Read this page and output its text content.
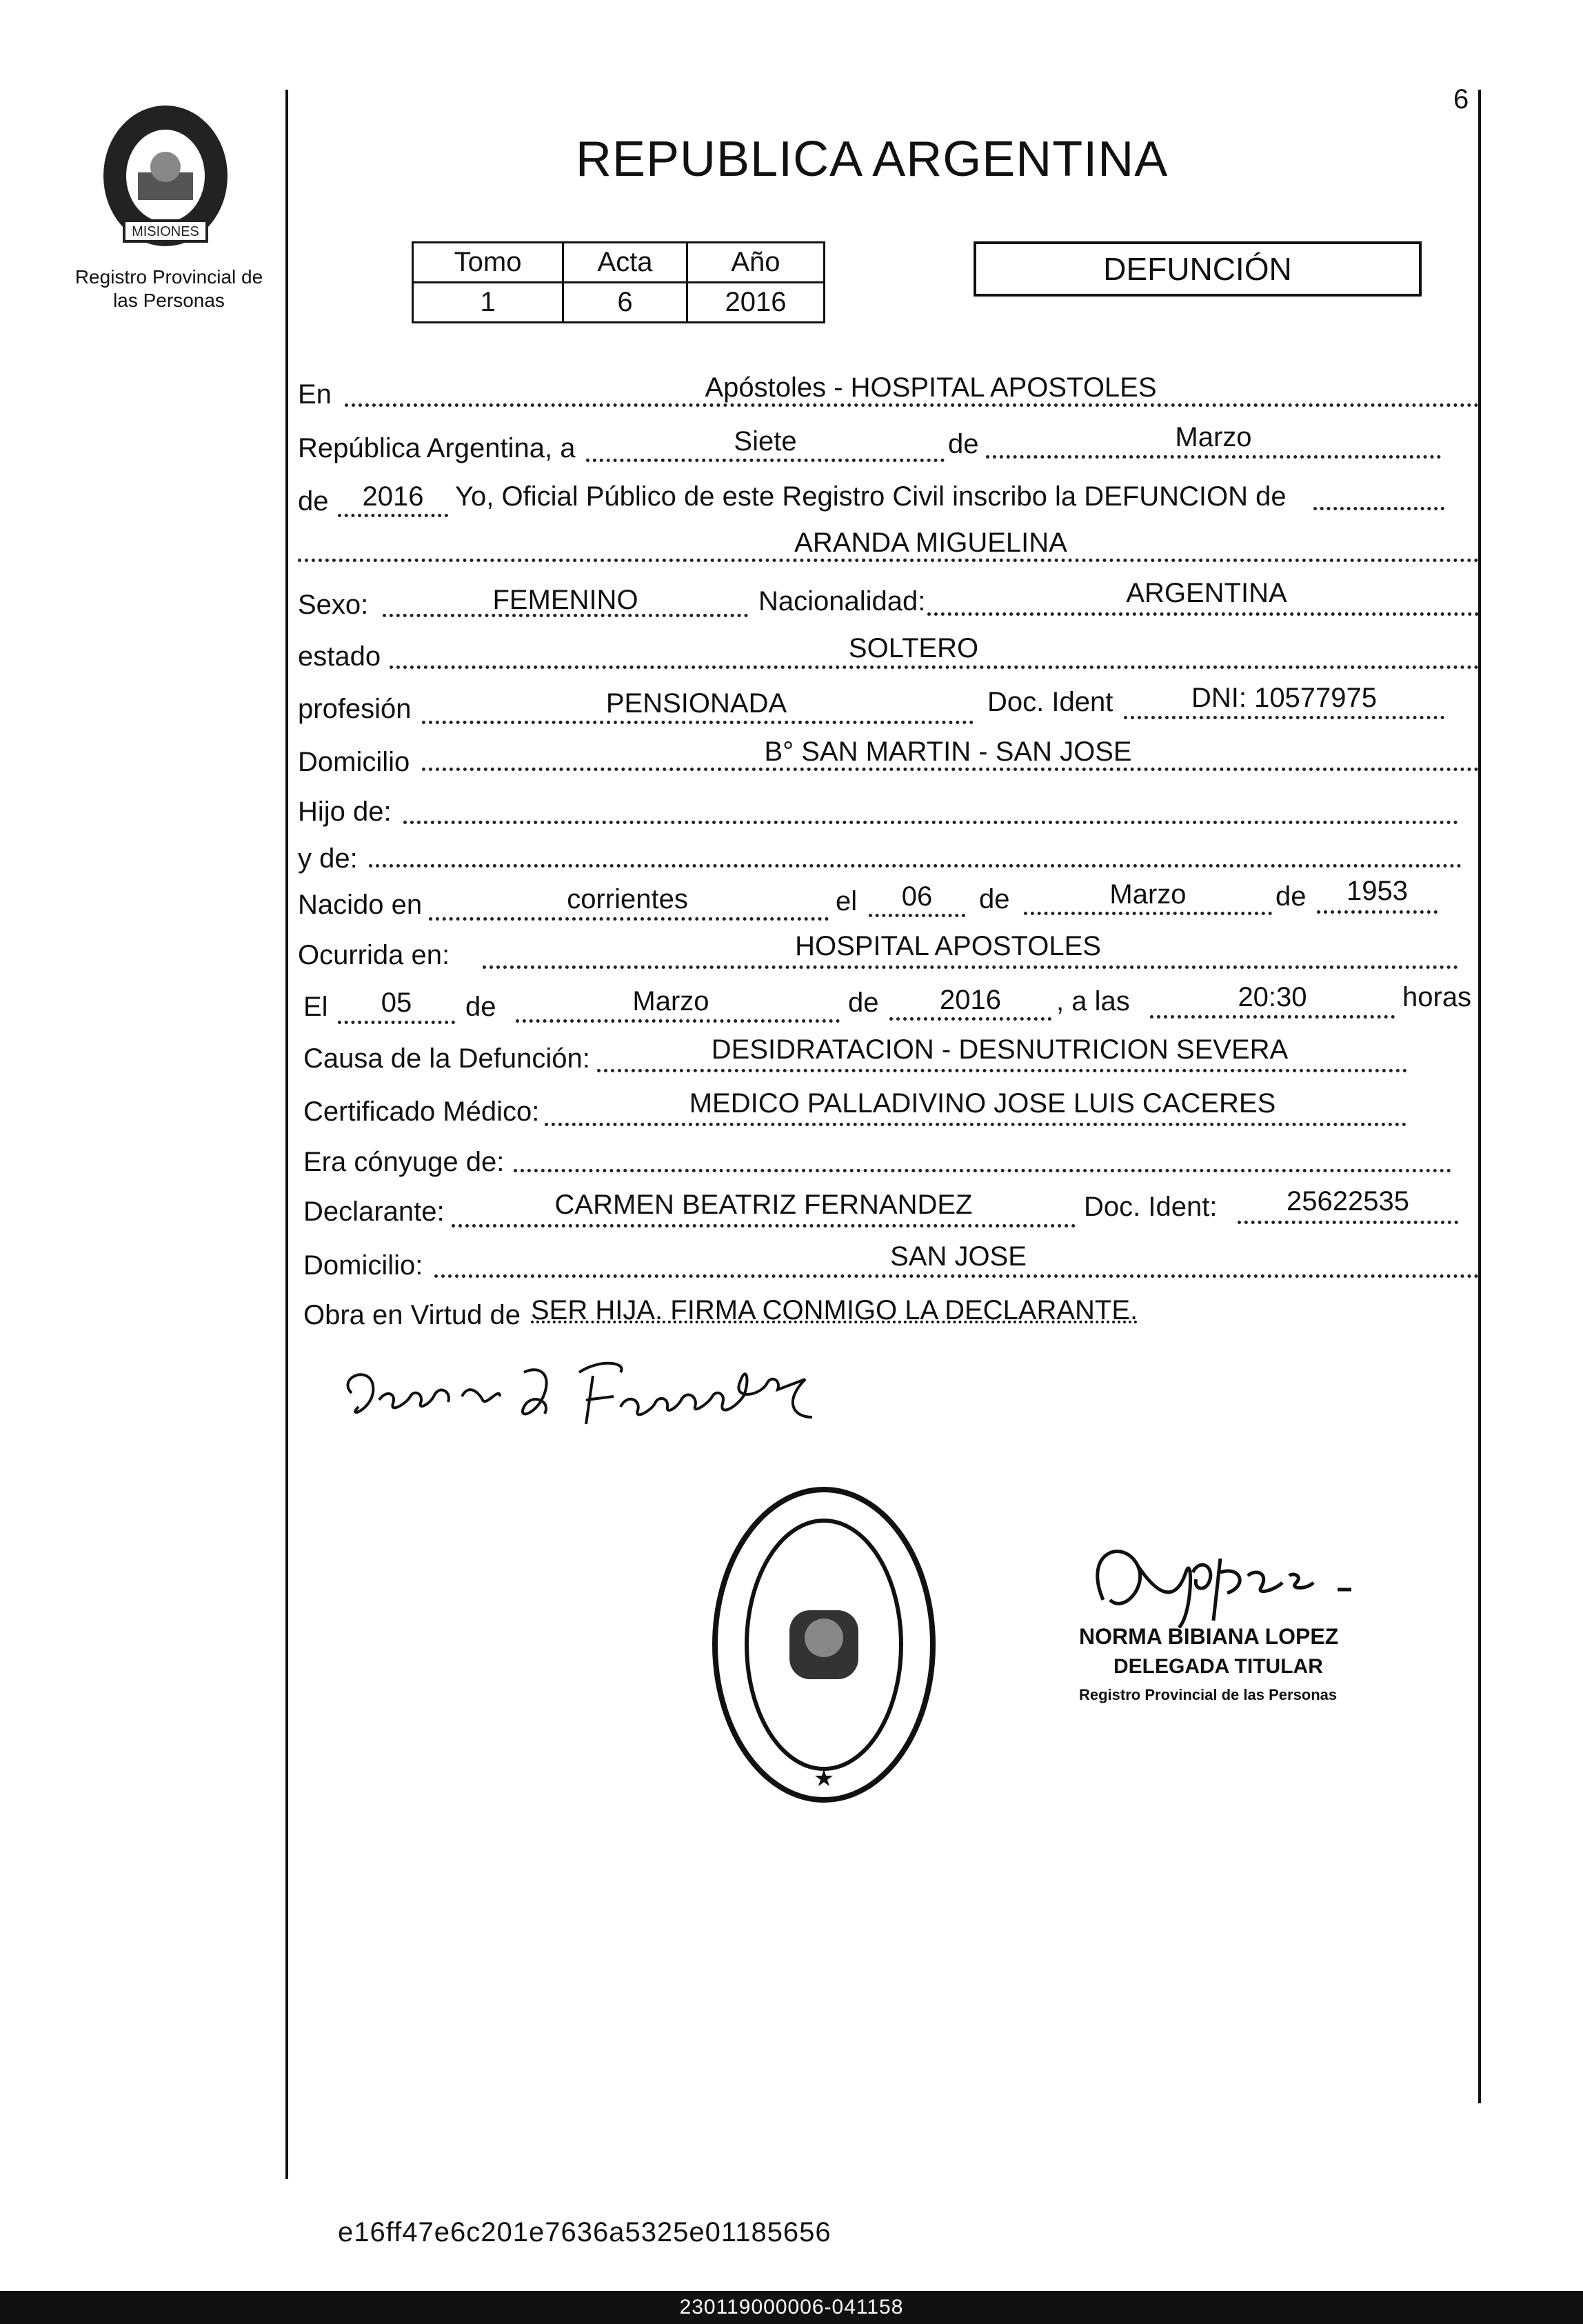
MISIONES
Registro Provincial de las Personas
6
REPUBLICA ARGENTINA
Tomo	Acta	Año
1	6	2016
DEFUNCIÓN
En	Apóstoles - HOSPITAL APOSTOLES
República Argentina, a	Siete	de	Marzo
de	2016	Yo, Oficial Público de este Registro Civil inscribo la DEFUNCION de
ARANDA MIGUELINA
Sexo:	FEMENINO	Nacionalidad:	ARGENTINA
estado	SOLTERO
profesión	PENSIONADA	Doc. Ident	DNI: 10577975
Domicilio	B° SAN MARTIN - SAN JOSE
Hijo de:
y de:
Nacido en	corrientes	el	06	de	Marzo	de	1953
Ocurrida en:	HOSPITAL APOSTOLES
El	05	de	Marzo	de	2016	, a las	20:30	horas
Causa de la Defunción:	DESIDRATACION - DESNUTRICION SEVERA
Certificado Médico:	MEDICO PALLADIVINO JOSE LUIS CACERES
Era cónyuge de:
Declarante:	CARMEN BEATRIZ FERNANDEZ	Doc. Ident:	25622535
Domicilio:	SAN JOSE
Obra en Virtud de SER HIJA. FIRMA CONMIGO LA DECLARANTE.
★
NORMA BIBIANA LOPEZ
DELEGADA TITULAR
Registro Provincial de las Personas
e16ff47e6c201e7636a5325e01185656
230119000006-041158
